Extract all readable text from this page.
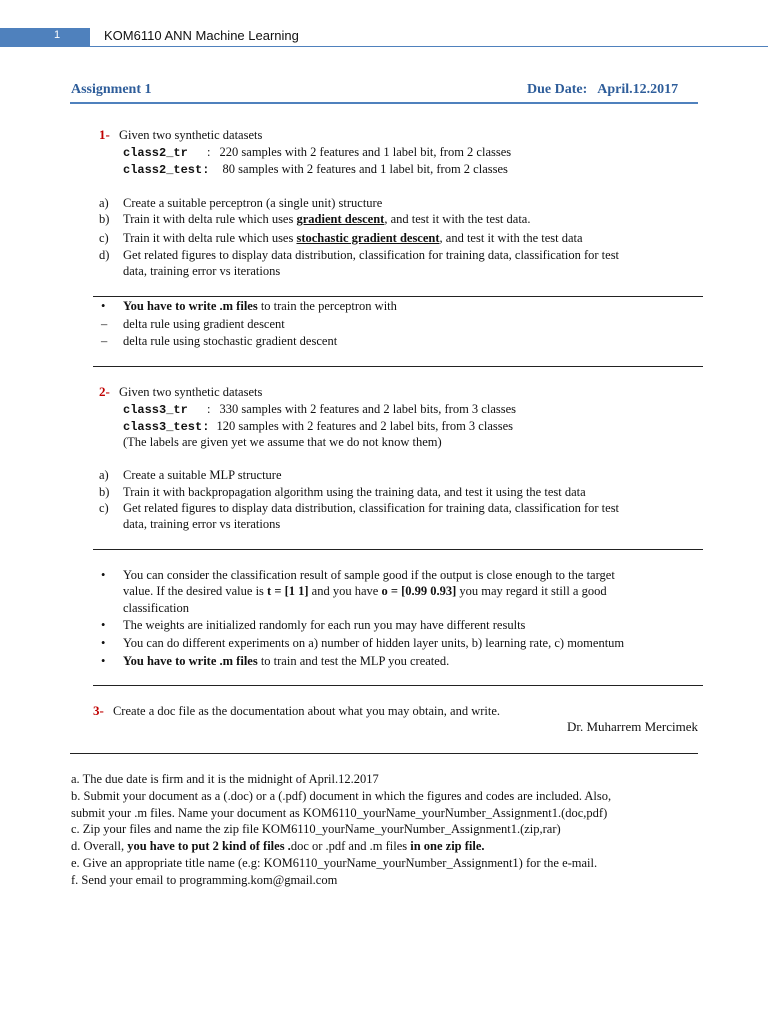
1	KOM6110 ANN Machine Learning
Assignment 1	Due Date: April.12.2017
1- Given two synthetic datasets
class2_tr : 220 samples with 2 features and 1 label bit, from 2 classes
class2_test: 80 samples with 2 features and 1 label bit, from 2 classes
a) Create a suitable perceptron (a single unit) structure
b) Train it with delta rule which uses gradient descent, and test it with the test data.
c) Train it with delta rule which uses stochastic gradient descent, and test it with the test data
d) Get related figures to display data distribution, classification for training data, classification for test
data, training error vs iterations
• You have to write .m files to train the perceptron with
– delta rule using gradient descent
– delta rule using stochastic gradient descent
2- Given two synthetic datasets
class3_tr : 330 samples with 2 features and 2 label bits, from 3 classes
class3_test: 120 samples with 2 features and 2 label bits, from 3 classes
(The labels are given yet we assume that we do not know them)
a) Create a suitable MLP structure
b) Train it with backpropagation algorithm using the training data, and test it using the test data
c) Get related figures to display data distribution, classification for training data, classification for test
data, training error vs iterations
• You can consider the classification result of sample good if the output is close enough to the target
value. If the desired value is t = [1 1] and you have o = [0.99 0.93] you may regard it still a good
classification
• The weights are initialized randomly for each run you may have different results
• You can do different experiments on a) number of hidden layer units, b) learning rate, c) momentum
• You have to write .m files to train and test the MLP you created.
3- Create a doc file as the documentation about what you may obtain, and write.
Dr. Muharrem Mercimek
a. The due date is firm and it is the midnight of April.12.2017
b. Submit your document as a (.doc) or a (.pdf) document in which the figures and codes are included. Also,
submit your .m files. Name your document as KOM6110_yourName_yourNumber_Assignment1.(doc,pdf)
c. Zip your files and name the zip file KOM6110_yourName_yourNumber_Assignment1.(zip,rar)
d. Overall, you have to put 2 kind of files .doc or .pdf and .m files in one zip file.
e. Give an appropriate title name (e.g: KOM6110_yourName_yourNumber_Assignment1) for the e-mail.
f. Send your email to programming.kom@gmail.com
